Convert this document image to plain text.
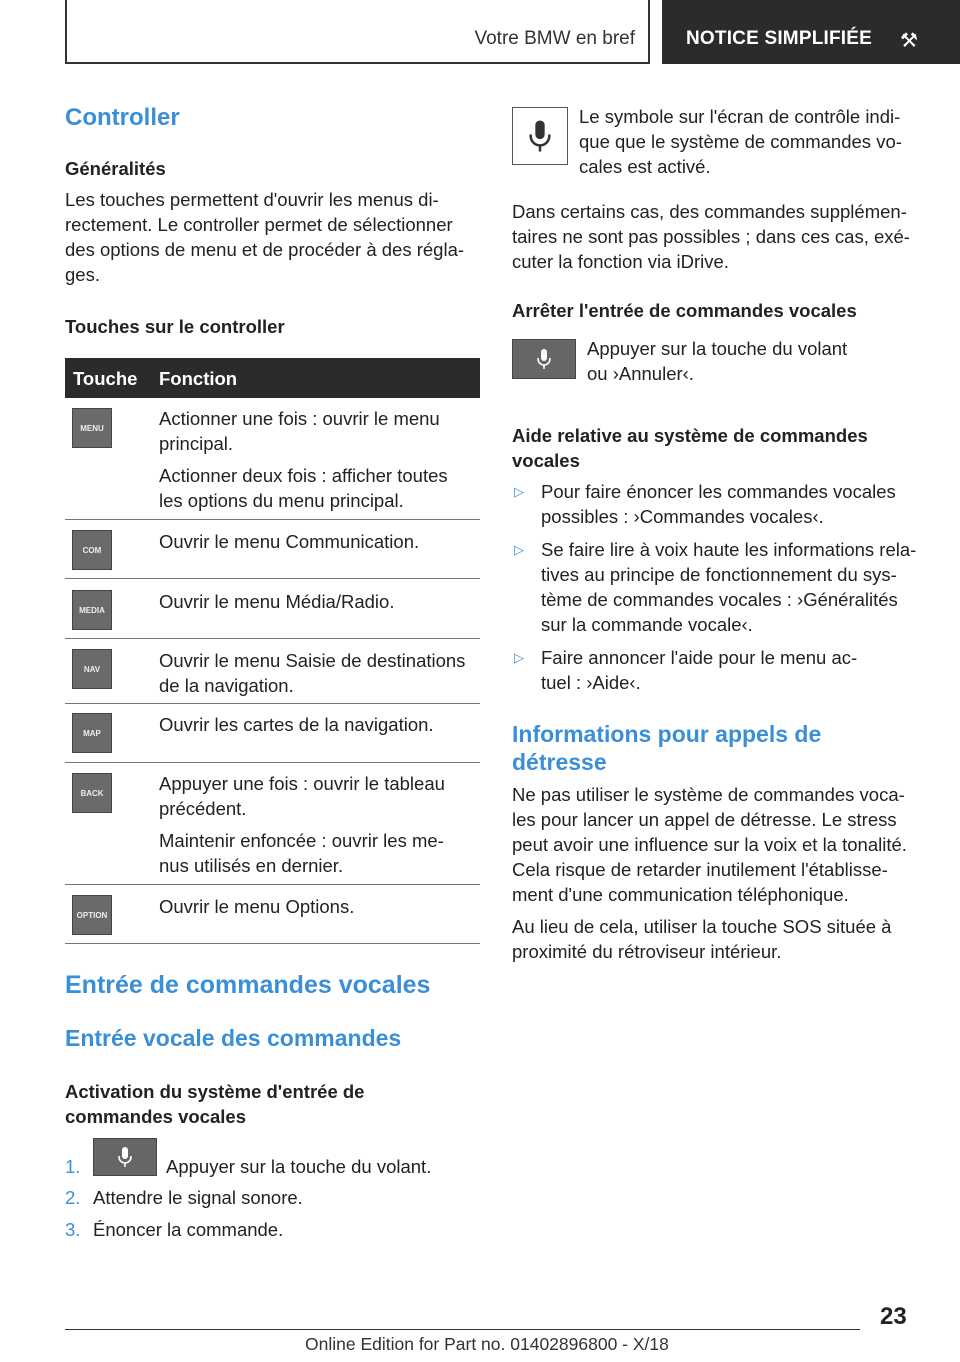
Votre BMW en bref	NOTICE SIMPLIFIÉE ⚒
Controller
Généralités
Les touches permettent d'ouvrir les menus di-
rectement. Le controller permet de sélectionner
des options de menu et de procéder à des régla-
ges.
Touches sur le controller
Touche Fonction
MENU	Actionner une fois : ouvrir le menu
principal.
Actionner deux fois : afficher toutes
les options du menu principal.
COM	Ouvrir le menu Communication.
MEDIA	Ouvrir le menu Média/Radio.
NAV	Ouvrir le menu Saisie de destinations
de la navigation.
MAP	Ouvrir les cartes de la navigation.
BACK	Appuyer une fois : ouvrir le tableau
précédent.
Maintenir enfoncée : ouvrir les me-
nus utilisés en dernier.
OPTION	Ouvrir le menu Options.
Entrée de commandes vocales
Entrée vocale des commandes
Activation du système d'entrée de
commandes vocales
1.	Appuyer sur la touche du volant.
2. Attendre le signal sonore.
3. Énoncer la commande.
Le symbole sur l'écran de contrôle indi-
que que le système de commandes vo-
cales est activé.
Dans certains cas, des commandes supplémen-
taires ne sont pas possibles ; dans ces cas, exé-
cuter la fonction via iDrive.
Arrêter l'entrée de commandes vocales
Appuyer sur la touche du volant
ou ›Annuler‹.
Aide relative au système de commandes
vocales
▷ Pour faire énoncer les commandes vocales
possibles : ›Commandes vocales‹.
▷ Se faire lire à voix haute les informations rela-
tives au principe de fonctionnement du sys-
tème de commandes vocales : ›Généralités
sur la commande vocale‹.
▷ Faire annoncer l'aide pour le menu ac-
tuel : ›Aide‹.
Informations pour appels de
détresse
Ne pas utiliser le système de commandes voca-
les pour lancer un appel de détresse. Le stress
peut avoir une influence sur la voix et la tonalité.
Cela risque de retarder inutilement l'établisse-
ment d'une communication téléphonique.
Au lieu de cela, utiliser la touche SOS située à
proximité du rétroviseur intérieur.
23
Online Edition for Part no. 01402896800 - X/18
